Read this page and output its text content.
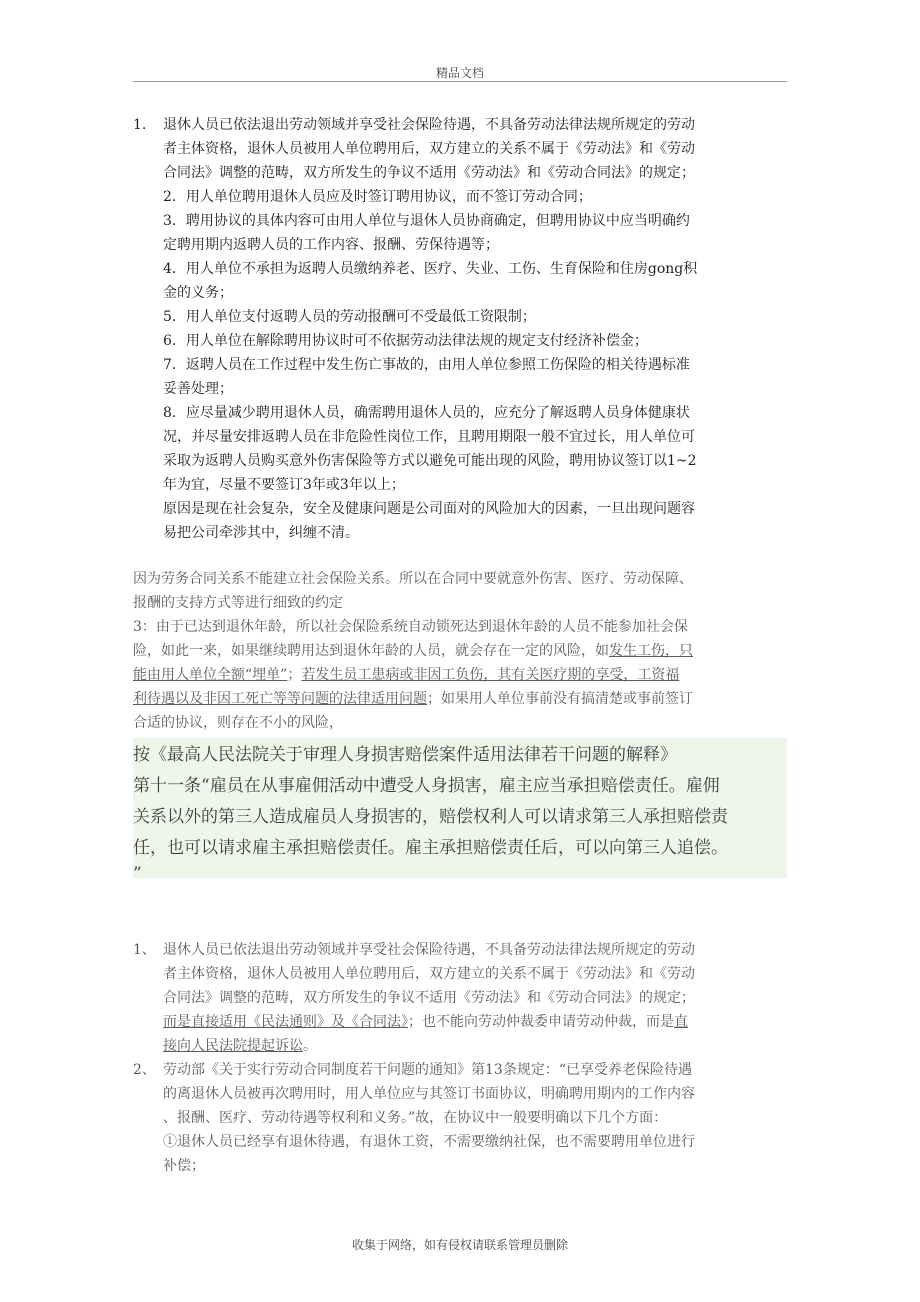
精品文档
1. 退休人员已依法退出劳动领域并享受社会保险待遇，不具备劳动法律法规所规定的劳动
者主体资格，退休人员被用人单位聘用后，双方建立的关系不属于《劳动法》和《劳动
合同法》调整的范畴，双方所发生的争议不适用《劳动法》和《劳动合同法》的规定；
2．用人单位聘用退休人员应及时签订聘用协议，而不签订劳动合同；
3．聘用协议的具体内容可由用人单位与退休人员协商确定，但聘用协议中应当明确约
定聘用期内返聘人员的工作内容、报酬、劳保待遇等；
4．用人单位不承担为返聘人员缴纳养老、医疗、失业、工伤、生育保险和住房gong积
金的义务；
5．用人单位支付返聘人员的劳动报酬可不受最低工资限制；
6．用人单位在解除聘用协议时可不依据劳动法律法规的规定支付经济补偿金；
7．返聘人员在工作过程中发生伤亡事故的，由用人单位参照工伤保险的相关待遇标准
妥善处理；
8．应尽量减少聘用退休人员，确需聘用退休人员的，应充分了解返聘人员身体健康状
况，并尽量安排返聘人员在非危险性岗位工作，且聘用期限一般不宜过长，用人单位可
采取为返聘人员购买意外伤害保险等方式以避免可能出现的风险，聘用协议签订以1~2
年为宜，尽量不要签订3年或3年以上；
原因是现在社会复杂，安全及健康问题是公司面对的风险加大的因素，一旦出现问题容
易把公司牵涉其中，纠缠不清。
因为劳务合同关系不能建立社会保险关系。所以在合同中要就意外伤害、医疗、劳动保障、
报酬的支持方式等进行细致的约定
3：由于已达到退休年龄，所以社会保险系统自动锁死达到退休年龄的人员不能参加社会保
险，如此一来，如果继续聘用达到退休年龄的人员，就会存在一定的风险，如发生工伤，只
能由用人单位全额“埋单”；若发生员工患病或非因工负伤，其有关医疗期的享受，工资福
利待遇以及非因工死亡等等问题的法律适用问题；如果用人单位事前没有搞清楚或事前签订
合适的协议，则存在不小的风险，
按《最高人民法院关于审理人身损害赔偿案件适用法律若干问题的解释》
第十一条“雇员在从事雇佣活动中遭受人身损害，雇主应当承担赔偿责任。雇佣
关系以外的第三人造成雇员人身损害的，赔偿权利人可以请求第三人承担赔偿责
任，也可以请求雇主承担赔偿责任。雇主承担赔偿责任后，可以向第三人追偿。
”
1、 退休人员已依法退出劳动领域并享受社会保险待遇，不具备劳动法律法规所规定的劳动
者主体资格，退休人员被用人单位聘用后，双方建立的关系不属于《劳动法》和《劳动
合同法》调整的范畴，双方所发生的争议不适用《劳动法》和《劳动合同法》的规定；
而是直接适用《民法通则》及《合同法》；也不能向劳动仲裁委申请劳动仲裁，而是直
接向人民法院提起诉讼。
2、 劳动部《关于实行劳动合同制度若干问题的通知》第13条规定：“已享受养老保险待遇
的离退休人员被再次聘用时，用人单位应与其签订书面协议，明确聘用期内的工作内容
、报酬、医疗、劳动待遇等权利和义务。”故，在协议中一般要明确以下几个方面：
①退休人员已经享有退休待遇，有退休工资，不需要缴纳社保，也不需要聘用单位进行
补偿；
收集于网络，如有侵权请联系管理员删除
